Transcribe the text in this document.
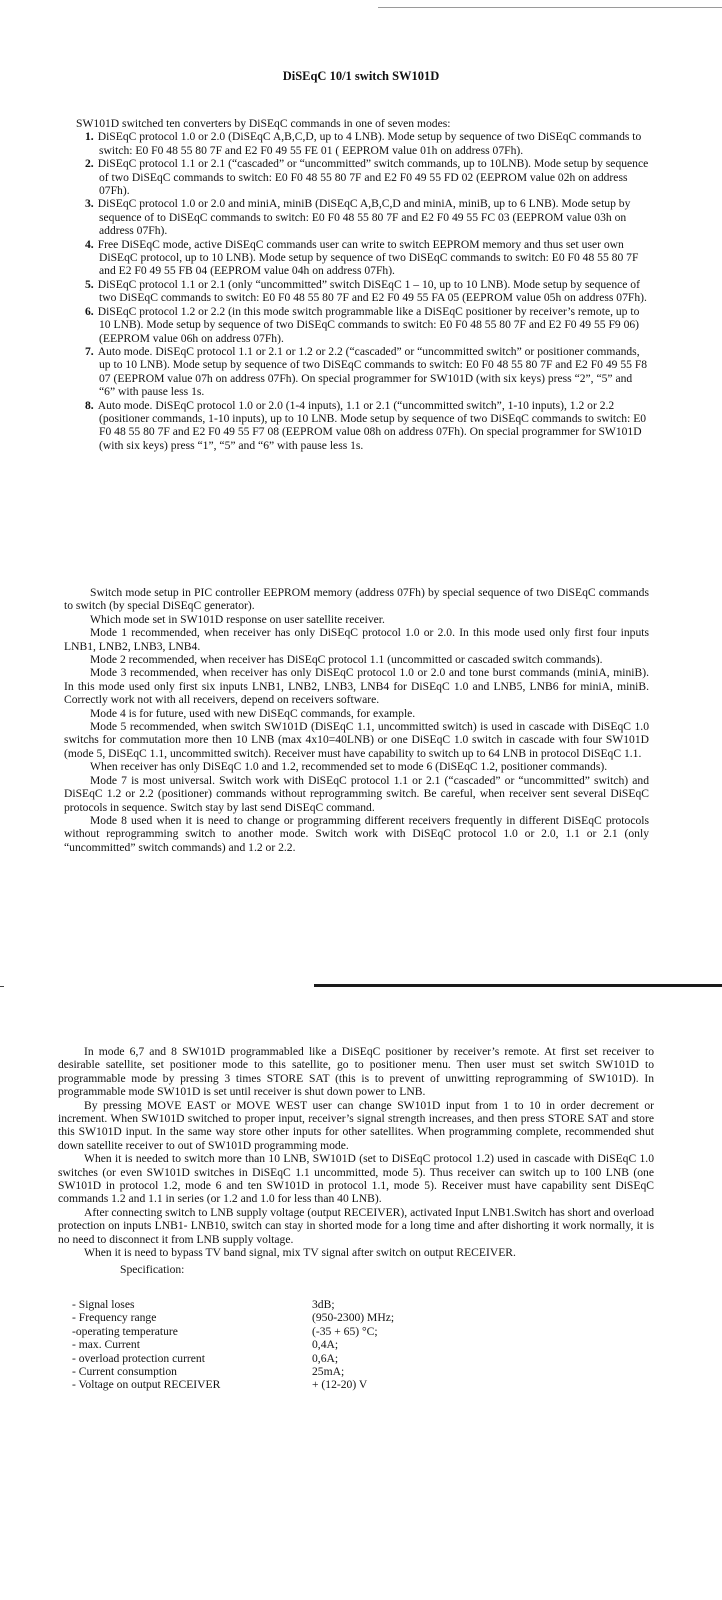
DiSEqC 10/1 switch SW101D

SW101D switched ten converters by DiSEqC commands in one of seven modes:

1. DiSEqC protocol 1.0 or 2.0 (DiSEqC A,B,C,D, up to 4 LNB). Mode setup by sequence of two DiSEqC commands to switch: E0 F0 48 55 80 7F and E2 F0 49 55 FE 01 ( EEPROM value 01h on address 07Fh).
2. DiSEqC protocol 1.1 or 2.1 (“cascaded” or “uncommitted” switch commands, up to 10LNB). Mode setup by sequence of two DiSEqC commands to switch: E0 F0 48 55 80 7F and E2 F0 49 55 FD 02 (EEPROM value 02h on address 07Fh).
3. DiSEqC protocol 1.0 or 2.0 and miniA, miniB (DiSEqC A,B,C,D and miniA, miniB, up to 6 LNB). Mode setup by sequence of to DiSEqC commands to switch: E0 F0 48 55 80 7F and E2 F0 49 55 FC 03 (EEPROM value 03h on address 07Fh).
4. Free DiSEqC mode, active DiSEqC commands user can write to switch EEPROM memory and thus set user own DiSEqC protocol, up to 10 LNB). Mode setup by sequence of two DiSEqC commands to switch: E0 F0 48 55 80 7F and E2 F0 49 55 FB 04 (EEPROM value 04h on address 07Fh).
5. DiSEqC protocol 1.1 or 2.1 (only “uncommitted” switch DiSEqC 1 – 10, up to 10 LNB). Mode setup by sequence of two DiSEqC commands to switch: E0 F0 48 55 80 7F and E2 F0 49 55 FA 05 (EEPROM value 05h on address 07Fh).
6. DiSEqC protocol 1.2 or 2.2 (in this mode switch programmable like a DiSEqC positioner by receiver’s remote, up to 10 LNB). Mode setup by sequence of two DiSEqC commands to switch: E0 F0 48 55 80 7F and E2 F0 49 55 F9 06) (EEPROM value 06h on address 07Fh).
7. Auto mode. DiSEqC protocol 1.1 or 2.1 or 1.2 or 2.2 (“cascaded” or “uncommitted switch” or positioner commands, up to 10 LNB). Mode setup by sequence of two DiSEqC commands to switch: E0 F0 48 55 80 7F and E2 F0 49 55 F8 07 (EEPROM value 07h on address 07Fh). On special programmer for SW101D (with six keys) press “2”, “5” and “6” with pause less 1s.
8. Auto mode. DiSEqC protocol 1.0 or 2.0 (1-4 inputs), 1.1 or 2.1 (“uncommitted switch”, 1-10 inputs), 1.2 or 2.2 (positioner commands, 1-10 inputs), up to 10 LNB. Mode setup by sequence of two DiSEqC commands to switch: E0 F0 48 55 80 7F and E2 F0 49 55 F7 08 (EEPROM value 08h on address 07Fh). On special programmer for SW101D (with six keys) press “1”, “5” and “6” with pause less 1s.

Switch mode setup in PIC controller EEPROM memory (address 07Fh) by special sequence of two DiSEqC commands to switch (by special DiSEqC generator).

Which mode set in SW101D response on user satellite receiver.

Mode 1 recommended, when receiver has only DiSEqC protocol 1.0 or 2.0. In this mode used only first four inputs LNB1, LNB2, LNB3, LNB4.

Mode 2 recommended, when receiver has DiSEqC protocol 1.1 (uncommitted or cascaded switch commands).

Mode 3 recommended, when receiver has only DiSEqC protocol 1.0 or 2.0 and tone burst commands (miniA, miniB). In this mode used only first six inputs LNB1, LNB2, LNB3, LNB4 for DiSEqC 1.0 and LNB5, LNB6 for miniA, miniB. Correctly work not with all receivers, depend on receivers software.

Mode 4 is for future, used with new DiSEqC commands, for example.

Mode 5 recommended, when switch SW101D (DiSEqC 1.1, uncommitted switch) is used in cascade with DiSEqC 1.0 switchs for commutation more then 10 LNB (max 4x10=40LNB) or one DiSEqC 1.0 switch in cascade with four SW101D (mode 5, DiSEqC 1.1, uncommitted switch). Receiver must have capability to switch up to 64 LNB in protocol DiSEqC 1.1.

When receiver has only DiSEqC 1.0 and 1.2, recommended set to mode 6 (DiSEqC 1.2, positioner commands).

Mode 7 is most universal. Switch work with DiSEqC protocol 1.1 or 2.1 (“cascaded” or “uncommitted” switch) and DiSEqC 1.2 or 2.2 (positioner) commands without reprogramming switch. Be careful, when receiver sent several DiSEqC protocols in sequence. Switch stay by last send DiSEqC command.

Mode 8 used when it is need to change or programming different receivers frequently in different DiSEqC protocols without reprogramming switch to another mode. Switch work with DiSEqC protocol 1.0 or 2.0, 1.1 or 2.1 (only “uncommitted” switch commands) and 1.2 or 2.2.

In mode 6,7 and 8 SW101D programmabled like a DiSEqC positioner by receiver’s remote. At first set receiver to desirable satellite, set positioner mode to this satellite, go to positioner menu. Then user must set switch SW101D to programmable mode by pressing 3 times STORE SAT (this is to prevent of unwitting reprogramming of SW101D). In programmable mode SW101D is set until receiver is shut down power to LNB.

By pressing MOVE EAST or MOVE WEST user can change SW101D input from 1 to 10 in order decrement or increment. When SW101D switched to proper input, receiver’s signal strength increases, and then press STORE SAT and store this SW101D input. In the same way store other inputs for other satellites. When programming complete, recommended shut down satellite receiver to out of SW101D programming mode.

When it is needed to switch more than 10 LNB, SW101D (set to DiSEqC protocol 1.2) used in cascade with DiSEqC 1.0 switches (or even SW101D switches in DiSEqC 1.1 uncommitted, mode 5). Thus receiver can switch up to 100 LNB (one SW101D in protocol 1.2, mode 6 and ten SW101D in protocol 1.1, mode 5). Receiver must have capability sent DiSEqC commands 1.2 and 1.1 in series (or 1.2 and 1.0 for less than 40 LNB).

After connecting switch to LNB supply voltage (output RECEIVER), activated Input LNB1.Switch has short and overload protection on inputs LNB1- LNB10, switch can stay in shorted mode for a long time and after dishorting it work normally, it is no need to disconnect it from LNB supply voltage.

When it is need to bypass TV band signal, mix TV signal after switch on output RECEIVER.

Specification:
- Signal loses	3dB;
- Frequency range	(950-2300) MHz;
-operating temperature	(-35 + 65) °C;
- max. Current	0,4A;
- overload protection current	0,6A;
- Current consumption	25mA;
- Voltage on output RECEIVER	+ (12-20) V
